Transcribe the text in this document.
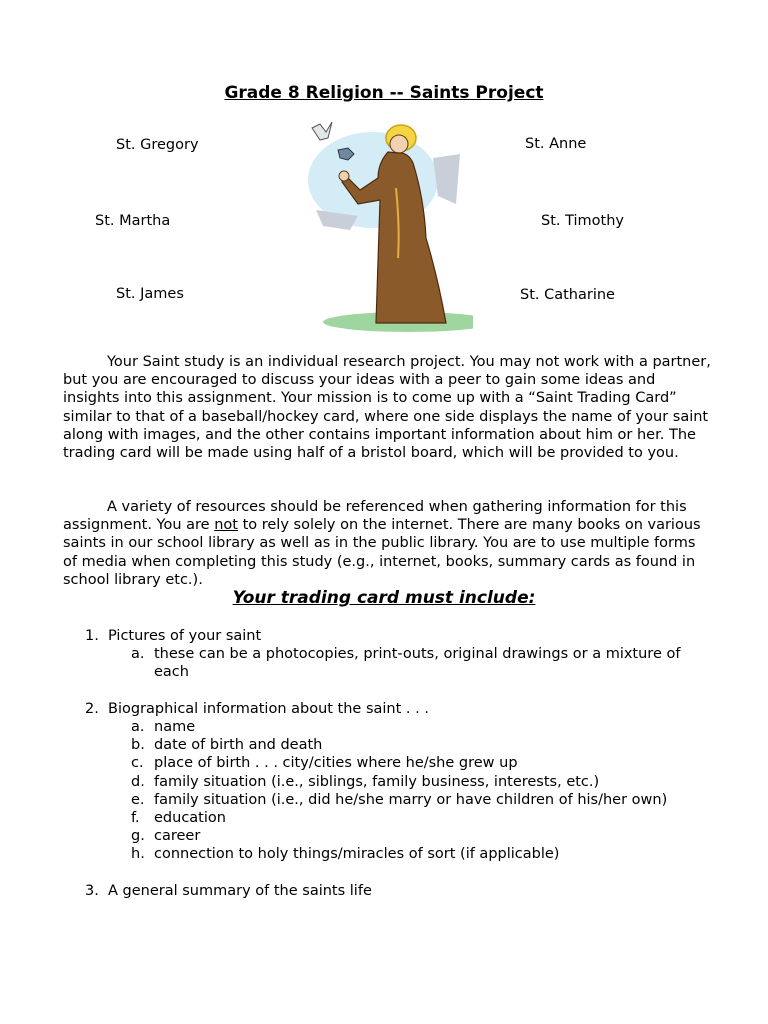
Grade 8 Religion -- Saints Project
St. Gregory
St. Martha
St. James
St. Anne
St. Timothy
St. Catharine

Your Saint study is an individual research project. You may not work with a partner, but you are encouraged to discuss your ideas with a peer to gain some ideas and insights into this assignment. Your mission is to come up with a “Saint Trading Card” similar to that of a baseball/hockey card, where one side displays the name of your saint along with images, and the other contains important information about him or her. The trading card will be made using half of a bristol board, which will be provided to you.

A variety of resources should be referenced when gathering information for this assignment. You are not to rely solely on the internet. There are many books on various saints in our school library as well as in the public library. You are to use multiple forms of media when completing this study (e.g., internet, books, summary cards as found in school library etc.).

Your trading card must include:
1. Pictures of your saint
a. these can be a photocopies, print-outs, original drawings or a mixture of each
2. Biographical information about the saint . . .
a. name
b. date of birth and death
c. place of birth . . . city/cities where he/she grew up
d. family situation (i.e., siblings, family business, interests, etc.)
e. family situation (i.e., did he/she marry or have children of his/her own)
f. education
g. career
h. connection to holy things/miracles of sort (if applicable)
3. A general summary of the saints life
